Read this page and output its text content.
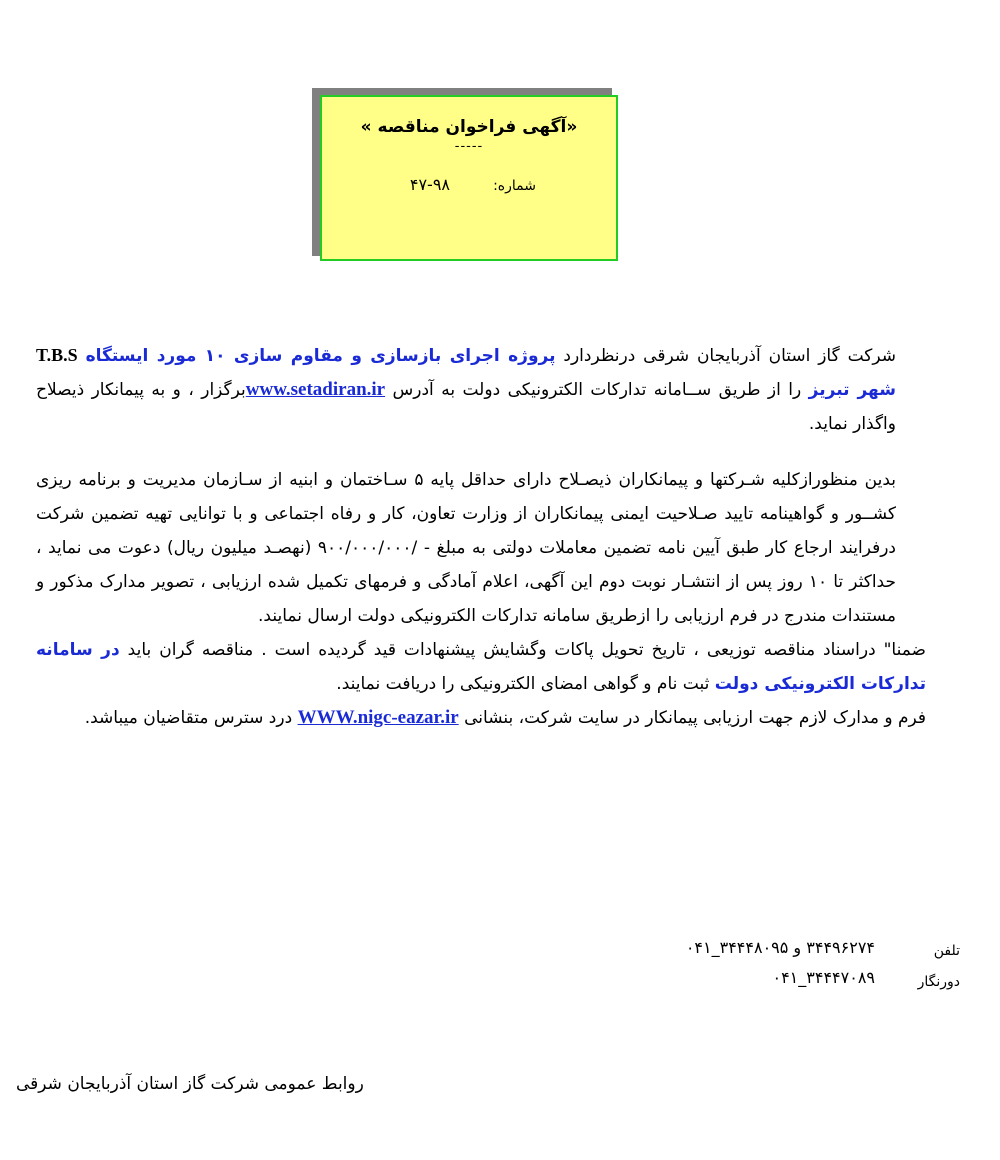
«آگهی فراخوان مناقصه »
-----
شماره: ۹۸-۴۷

شرکت گاز استان آذربایجان شرقی درنظردارد پروژه اجرای بازسازی و مقاوم سازی ۱۰ مورد ایستگاه T.B.S شهر تبریز را از طریق ســامانه تدارکات الکترونیکی دولت به آدرس www.setadiran.irبرگزار ، و به پیمانکار ذیصلاح واگذار نماید.

بدین منظورازکلیه شـرکتها و پیمانکاران ذیصـلاح دارای حداقل پایه ۵ سـاختمان و ابنیه از سـازمان مدیریت و برنامه ریزی کشــور و گواهینامه تایید صـلاحیت ایمنی پیمانکاران از وزارت تعاون، کار و رفاه اجتماعی و با توانایی تهیه تضمین شرکت درفرایند ارجاع کار طبق آیین نامه تضمین معاملات دولتی به مبلغ - /۹۰۰/۰۰۰/۰۰۰ (نهصـد میلیون ریال) دعوت می نماید ، حداکثر تا ۱۰ روز پس از انتشـار نوبت دوم این آگهی، اعلام آمادگی و فرمهای تکمیل شده ارزیابی ، تصویر مدارک مذکور و مستندات مندرج در فرم ارزیابی را ازطریق سامانه تدارکات الکترونیکی دولت ارسال نمایند.

ضمنا" دراسناد مناقصه توزیعی ، تاریخ تحویل پاکات وگشایش پیشنهادات قید گردیده است . مناقصه گران باید در سامانه تدارکات الکترونیکی دولت ثبت نام و گواهی امضای الکترونیکی را دریافت نمایند.

فرم و مدارک لازم جهت ارزیابی پیمانکار در سایت شرکت، بنشانی WWW.nigc-eazar.ir درد سترس متقاضیان میباشد.

تلفن
۳۴۴۹۶۲۷۴ و ۳۴۴۴۸۰۹۵_۰۴۱
دورنگار
۳۴۴۴۷۰۸۹_۰۴۱
روابط عمومی شرکت گاز استان آذربایجان شرقی
